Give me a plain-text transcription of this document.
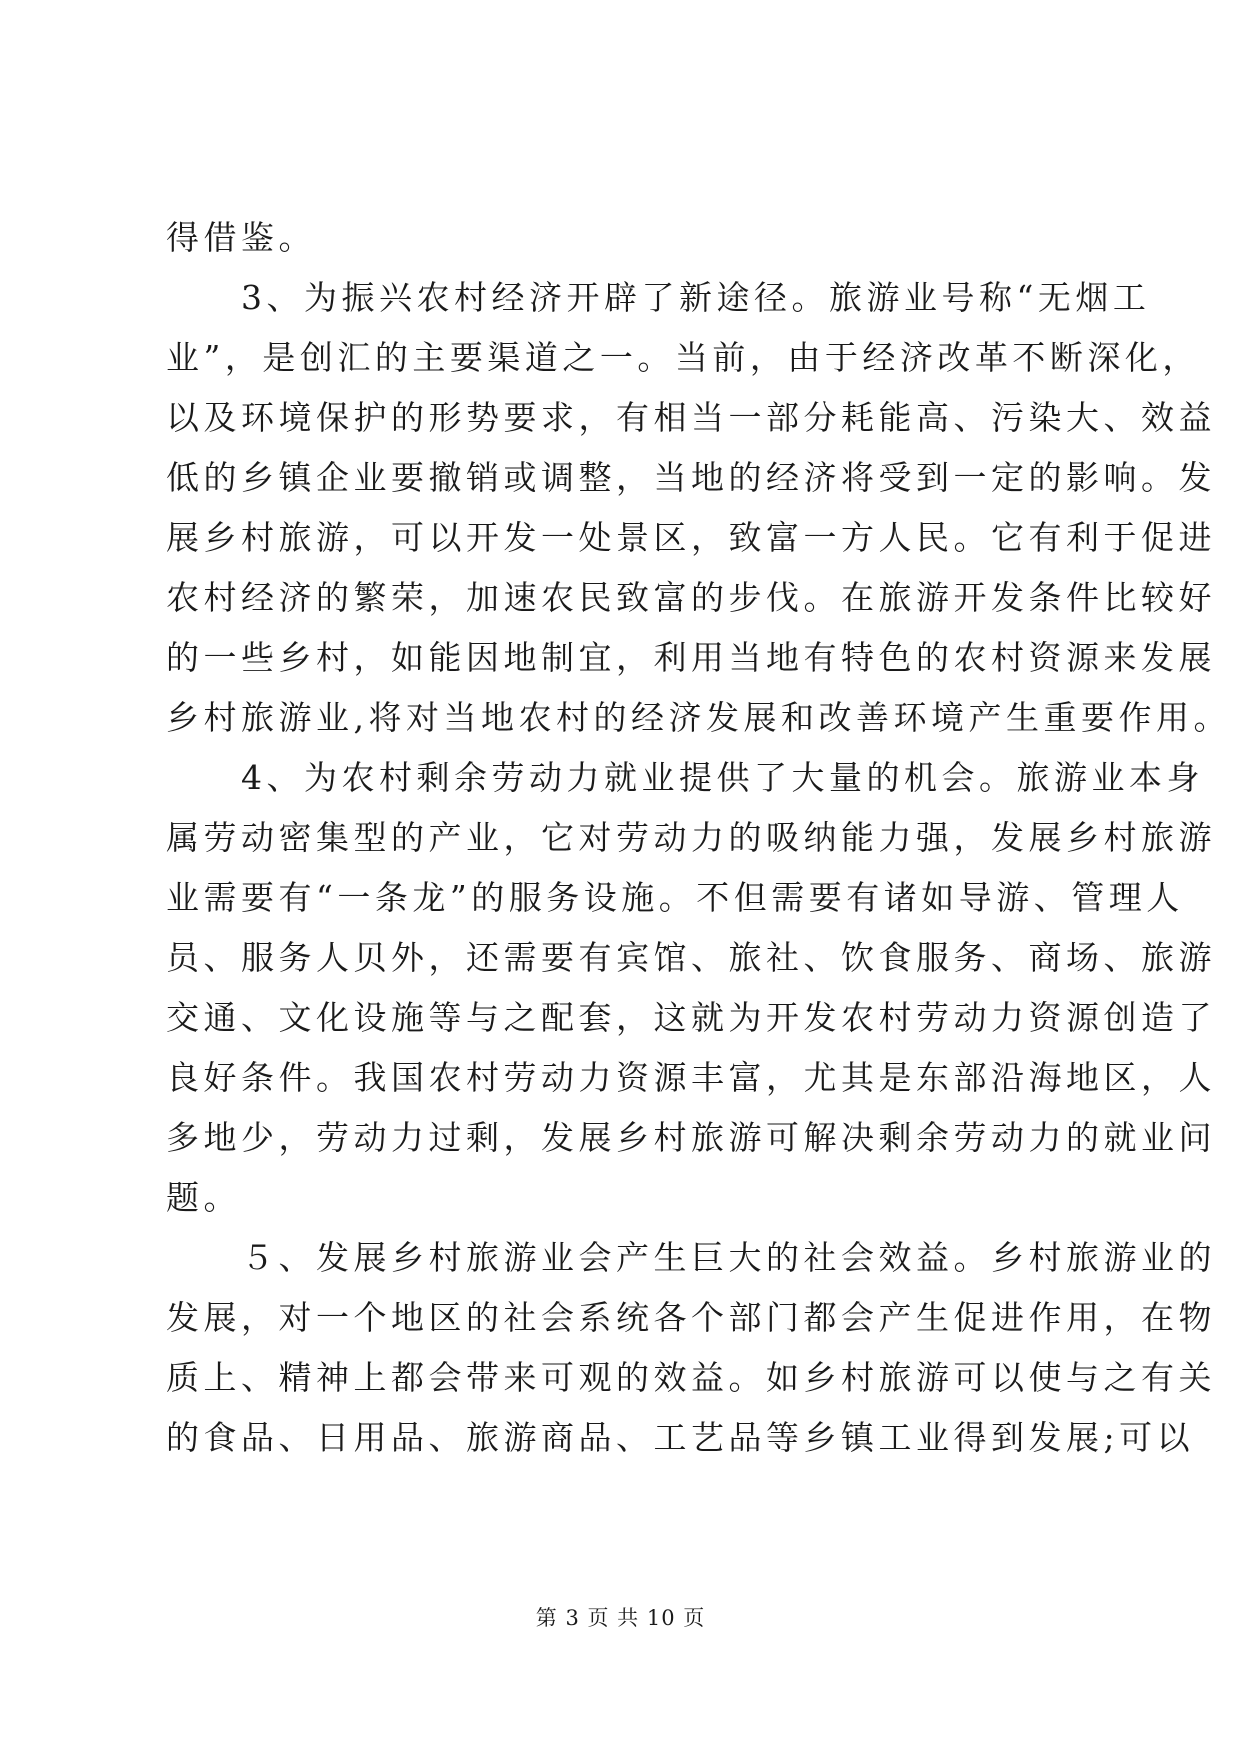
得借鉴。
　　3、为振兴农村经济开辟了新途径。旅游业号称“无烟工
业”，是创汇的主要渠道之一。当前，由于经济改革不断深化，
以及环境保护的形势要求，有相当一部分耗能高、污染大、效益
低的乡镇企业要撤销或调整，当地的经济将受到一定的影响。发
展乡村旅游，可以开发一处景区，致富一方人民。它有利于促进
农村经济的繁荣，加速农民致富的步伐。在旅游开发条件比较好
的一些乡村，如能因地制宜，利用当地有特色的农村资源来发展
乡村旅游业,将对当地农村的经济发展和改善环境产生重要作用。
　　4、为农村剩余劳动力就业提供了大量的机会。旅游业本身
属劳动密集型的产业，它对劳动力的吸纳能力强，发展乡村旅游
业需要有“一条龙”的服务设施。不但需要有诸如导游、管理人
员、服务人贝外，还需要有宾馆、旅社、饮食服务、商场、旅游
交通、文化设施等与之配套，这就为开发农村劳动力资源创造了
良好条件。我国农村劳动力资源丰富，尤其是东部沿海地区，人
多地少，劳动力过剩，发展乡村旅游可解决剩余劳动力的就业问
题。
　　５、发展乡村旅游业会产生巨大的社会效益。乡村旅游业的
发展，对一个地区的社会系统各个部门都会产生促进作用，在物
质上、精神上都会带来可观的效益。如乡村旅游可以使与之有关
的食品、日用品、旅游商品、工艺品等乡镇工业得到发展;可以
第 3 页 共 10 页
